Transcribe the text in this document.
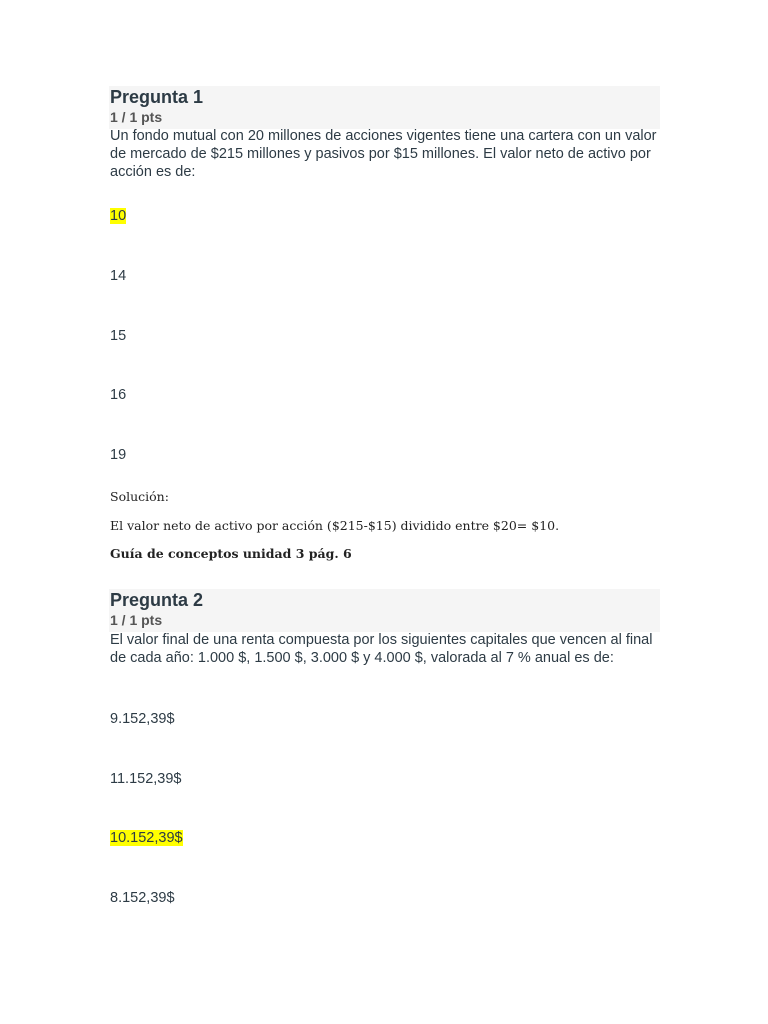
Pregunta 1
1 / 1 pts
Un fondo mutual con 20 millones de acciones vigentes tiene una cartera con un valor de mercado de $215 millones y pasivos por $15 millones. El valor neto de activo por acción es de:
10
14
15
16
19
Solución:
El valor neto de activo por acción ($215-$15) dividido entre $20= $10.
Guía de conceptos unidad 3 pág. 6
Pregunta 2
1 / 1 pts
El valor final de una renta compuesta por los siguientes capitales que vencen al final de cada año: 1.000 $, 1.500 $, 3.000 $ y 4.000 $, valorada al 7 % anual es de:
9.152,39$
11.152,39$
10.152,39$
8.152,39$
